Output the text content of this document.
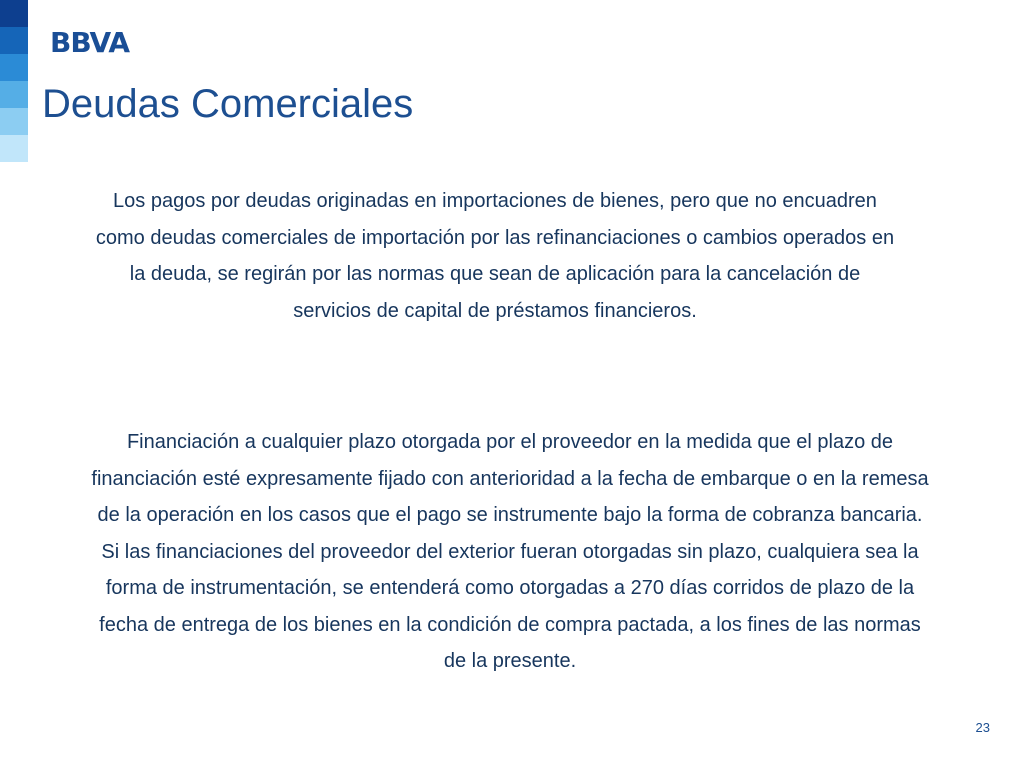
BBVA
Deudas Comerciales
Los pagos por deudas originadas en importaciones de bienes, pero que no encuadren como deudas comerciales de importación por las refinanciaciones o cambios operados en la deuda, se regirán por las normas que sean de aplicación para la cancelación de servicios de capital de préstamos financieros.
Financiación a cualquier plazo otorgada por el proveedor en la medida que el plazo de financiación esté expresamente fijado con anterioridad a la fecha de embarque o en la remesa de la operación en los casos que el pago se instrumente bajo la forma de cobranza bancaria.
Si las financiaciones del proveedor del exterior fueran otorgadas sin plazo, cualquiera sea la forma de instrumentación, se entenderá como otorgadas a 270 días corridos de plazo de la fecha de entrega de los bienes en la condición de compra pactada, a los fines de las normas de la presente.
23
